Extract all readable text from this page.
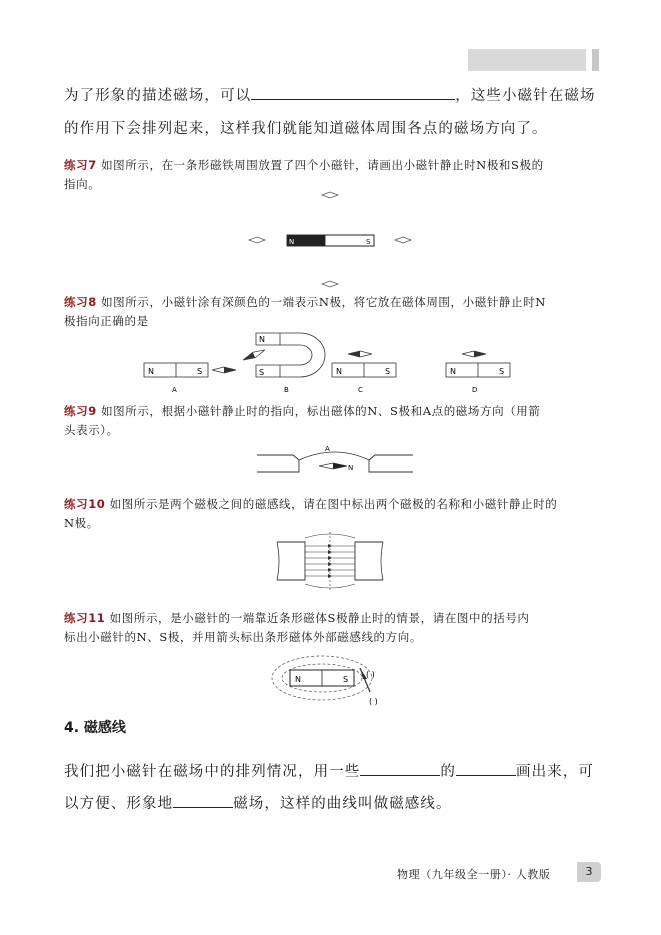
为了形象的描述磁场，可以	，这些小磁针在磁场
的作用下会排列起来，这样我们就能知道磁体周围各点的磁场方向了。
练习7 如图所示，在一条形磁铁周围放置了四个小磁针，请画出小磁针静止时N极和S极的
指向。
N	S
练习8 如图所示，小磁针涂有深颜色的一端表示N极，将它放在磁体周围，小磁针静止时N
极指向正确的是
N	S
A
N
S
B
N	S
C
N	S
D
练习9 如图所示，根据小磁针静止时的指向，标出磁体的N、S极和A点的磁场方向（用箭
头表示）。
A
N
练习10 如图所示是两个磁极之间的磁感线，请在图中标出两个磁极的名称和小磁针静止时的
N极。
练习11 如图所示，是小磁针的一端靠近条形磁体S极静止时的情景，请在图中的括号内
标出小磁针的N、S极，并用箭头标出条形磁体外部磁感线的方向。
N	S
( )
( )
4. 磁感线
我们把小磁针在磁场中的排列情况，用一些	的	画出来，可
以方便、形象地	磁场，这样的曲线叫做磁感线。
物理（九年级全一册）· 人教版	3
